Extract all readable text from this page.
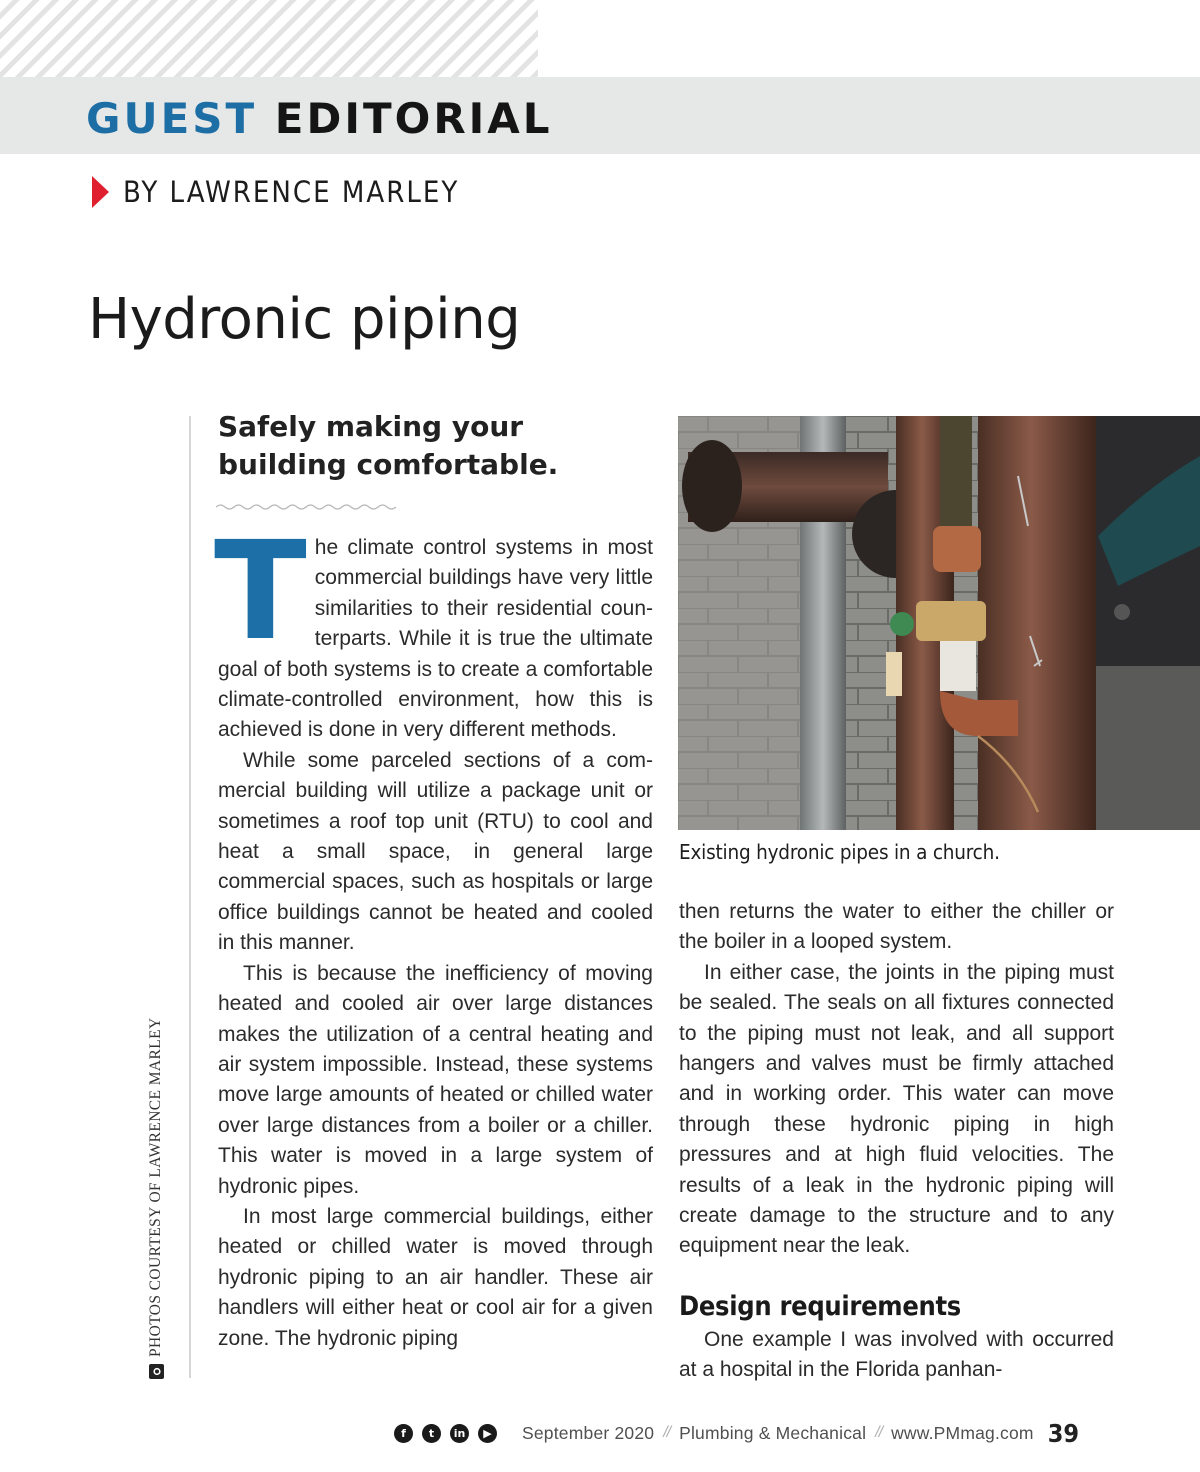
GUEST EDITORIAL
BY LAWRENCE MARLEY
Hydronic piping
PHOTOS COURTESY OF LAWRENCE MARLEY
Safely making your
building comfortable.

The climate control systems in most commercial buildings have very little similarities to their residential counterparts. While it is true the ultimate goal of both systems is to create a comfortable climate-controlled environment, how this is achieved is done in very different methods.

While some parceled sections of a commercial building will utilize a package unit or sometimes a roof top unit (RTU) to cool and heat a small space, in general large commercial spaces, such as hospitals or large office buildings cannot be heated and cooled in this manner.

This is because the inefficiency of moving heated and cooled air over large distances makes the utilization of a central heating and air system impossible. Instead, these systems move large amounts of heated or chilled water over large distances from a boiler or a chiller. This water is moved in a large system of hydronic pipes.

In most large commercial buildings, either heated or chilled water is moved through hydronic piping to an air handler. These air handlers will either heat or cool air for a given zone. The hydronic piping

Existing hydronic pipes in a church.

then returns the water to either the chiller or the boiler in a looped system.

In either case, the joints in the piping must be sealed. The seals on all fixtures connected to the piping must not leak, and all support hangers and valves must be firmly attached and in working order. This water can move through these hydronic piping in high pressures and at high fluid velocities. The results of a leak in the hydronic piping will create damage to the structure and to any equipment near the leak.

Design requirements

One example I was involved with occurred at a hospital in the Florida panhan-

f	t	in	▶	September 2020 // Plumbing & Mechanical // www.PMmag.com 39
